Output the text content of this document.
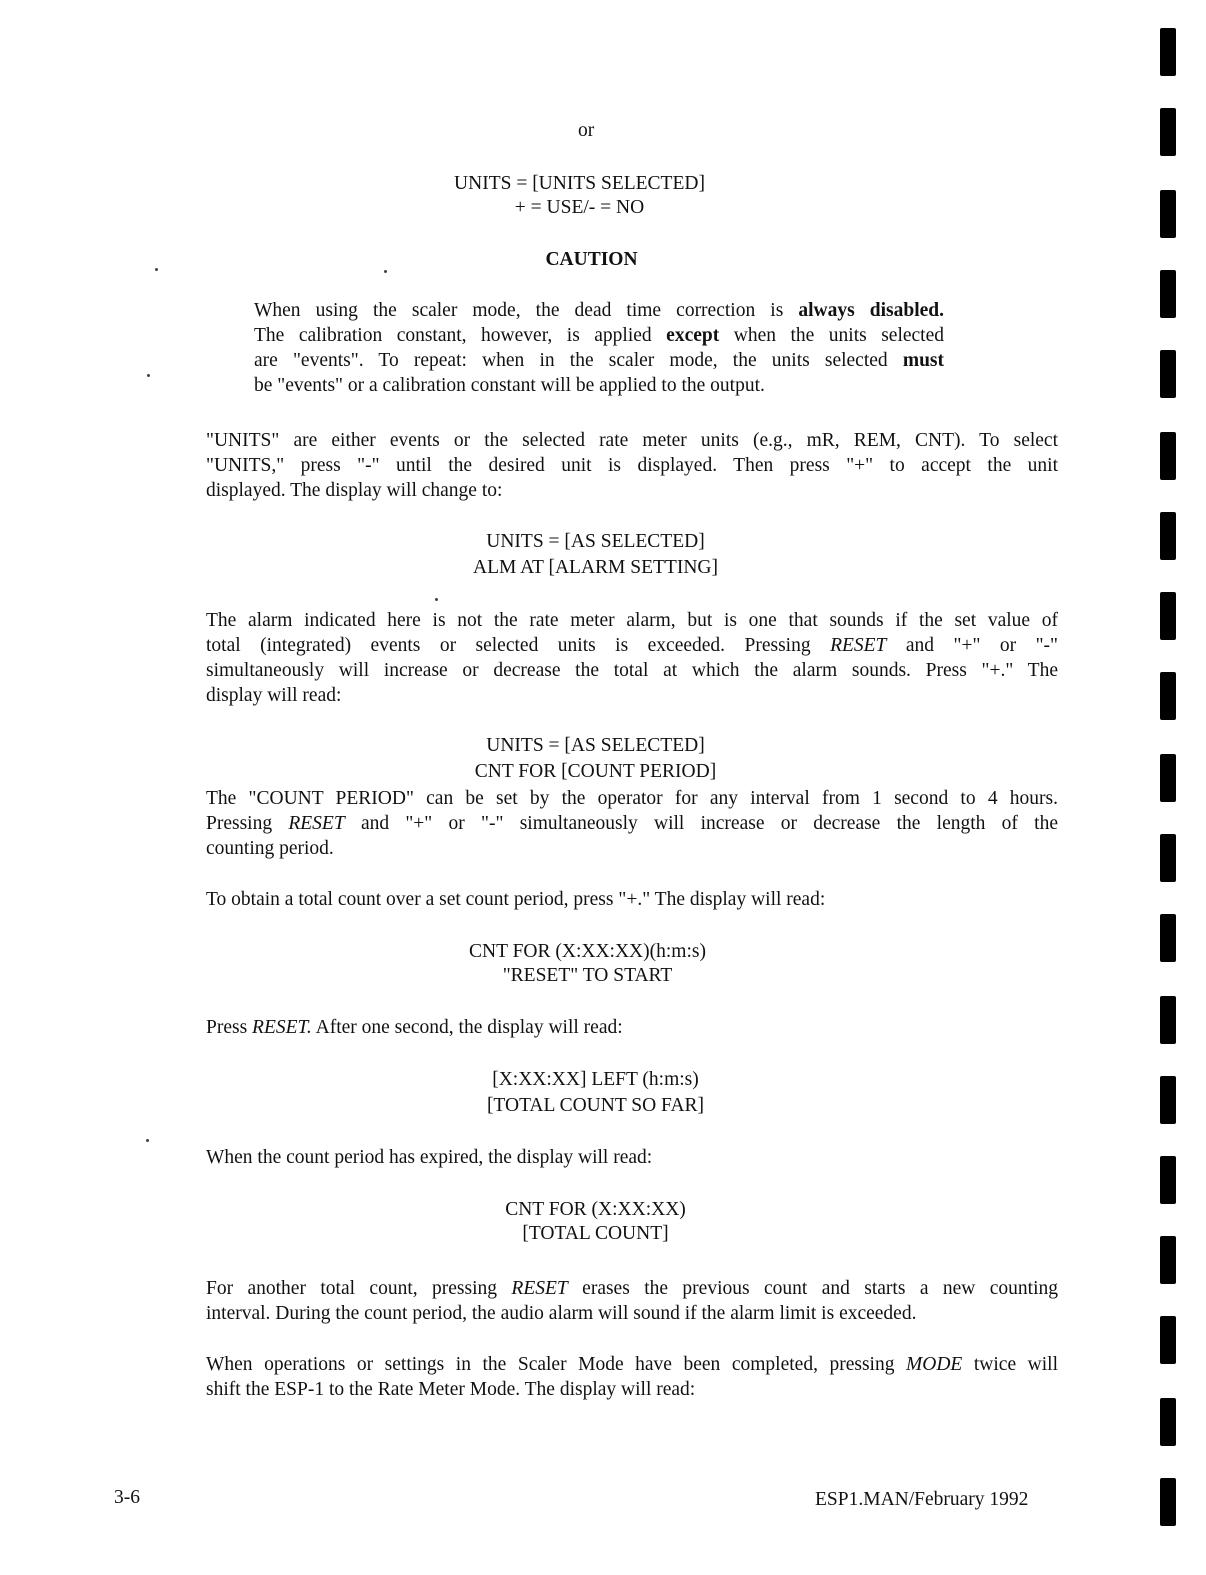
or
UNITS = [UNITS SELECTED]
+ = USE/- = NO
CAUTION
When using the scaler mode, the dead time correction is always disabled.
The calibration constant, however, is applied except when the units selected
are "events". To repeat: when in the scaler mode, the units selected must
be "events" or a calibration constant will be applied to the output.
"UNITS" are either events or the selected rate meter units (e.g., mR, REM, CNT). To select
"UNITS," press "-" until the desired unit is displayed. Then press "+" to accept the unit
displayed. The display will change to:
UNITS = [AS SELECTED]
ALM AT [ALARM SETTING]
The alarm indicated here is not the rate meter alarm, but is one that sounds if the set value of
total (integrated) events or selected units is exceeded. Pressing RESET and "+" or "-"
simultaneously will increase or decrease the total at which the alarm sounds. Press "+." The
display will read:
UNITS = [AS SELECTED]
CNT FOR [COUNT PERIOD]
The "COUNT PERIOD" can be set by the operator for any interval from 1 second to 4 hours.
Pressing RESET and "+" or "-" simultaneously will increase or decrease the length of the
counting period.
To obtain a total count over a set count period, press "+." The display will read:
CNT FOR (X:XX:XX)(h:m:s)
"RESET" TO START
Press RESET. After one second, the display will read:
[X:XX:XX] LEFT (h:m:s)
[TOTAL COUNT SO FAR]
When the count period has expired, the display will read:
CNT FOR (X:XX:XX)
[TOTAL COUNT]
For another total count, pressing RESET erases the previous count and starts a new counting
interval. During the count period, the audio alarm will sound if the alarm limit is exceeded.
When operations or settings in the Scaler Mode have been completed, pressing MODE twice will
shift the ESP-1 to the Rate Meter Mode. The display will read:
3-6	ESP1.MAN/February 1992
